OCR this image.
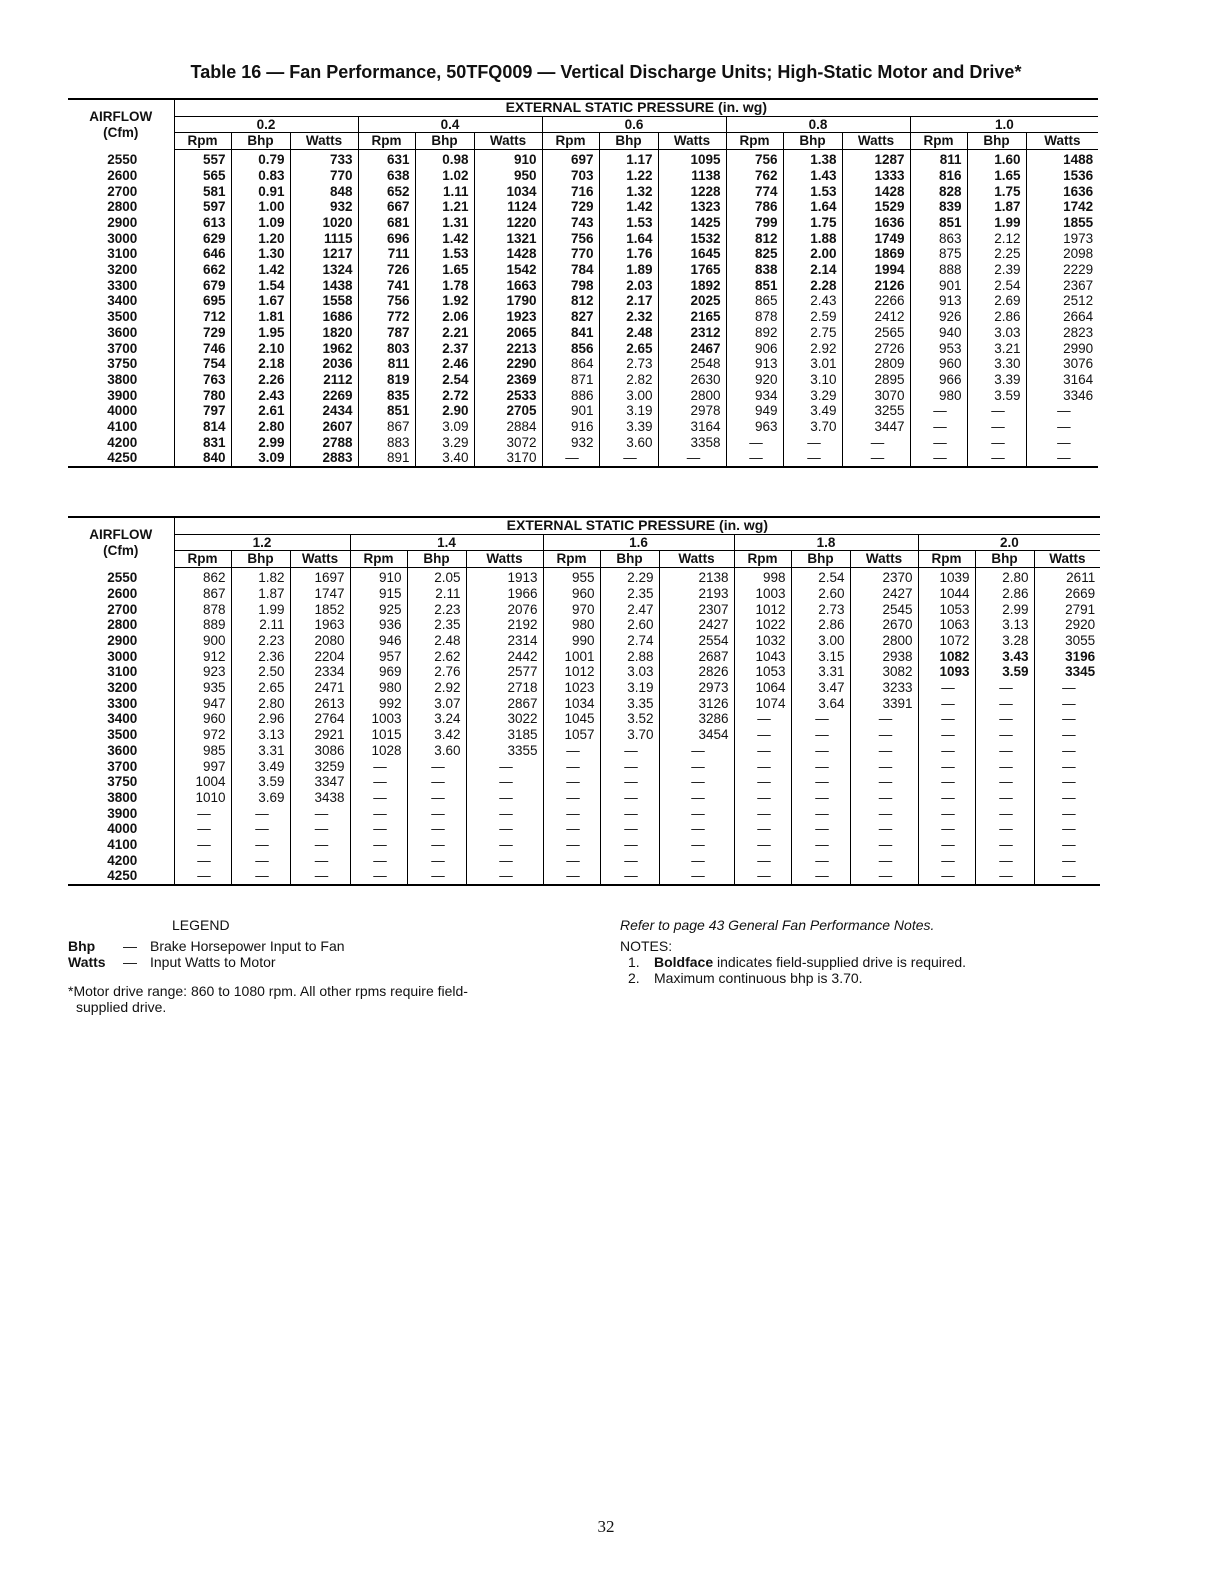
Table 16 — Fan Performance, 50TFQ009 — Vertical Discharge Units; High-Static Motor and Drive*
AIRFLOW
(Cfm)	EXTERNAL STATIC PRESSURE (in. wg)														
	0.2			0.4			0.6			0.8			1.0		
	Rpm	Bhp	Watts	Rpm	Bhp	Watts	Rpm	Bhp	Watts	Rpm	Bhp	Watts	Rpm	Bhp	Watts
2550	557	0.79	733	631	0.98	910	697	1.17	1095	756	1.38	1287	811	1.60	1488
2600	565	0.83	770	638	1.02	950	703	1.22	1138	762	1.43	1333	816	1.65	1536
2700	581	0.91	848	652	1.11	1034	716	1.32	1228	774	1.53	1428	828	1.75	1636
2800	597	1.00	932	667	1.21	1124	729	1.42	1323	786	1.64	1529	839	1.87	1742
2900	613	1.09	1020	681	1.31	1220	743	1.53	1425	799	1.75	1636	851	1.99	1855
3000	629	1.20	1115	696	1.42	1321	756	1.64	1532	812	1.88	1749	863	2.12	1973
3100	646	1.30	1217	711	1.53	1428	770	1.76	1645	825	2.00	1869	875	2.25	2098
3200	662	1.42	1324	726	1.65	1542	784	1.89	1765	838	2.14	1994	888	2.39	2229
3300	679	1.54	1438	741	1.78	1663	798	2.03	1892	851	2.28	2126	901	2.54	2367
3400	695	1.67	1558	756	1.92	1790	812	2.17	2025	865	2.43	2266	913	2.69	2512
3500	712	1.81	1686	772	2.06	1923	827	2.32	2165	878	2.59	2412	926	2.86	2664
3600	729	1.95	1820	787	2.21	2065	841	2.48	2312	892	2.75	2565	940	3.03	2823
3700	746	2.10	1962	803	2.37	2213	856	2.65	2467	906	2.92	2726	953	3.21	2990
3750	754	2.18	2036	811	2.46	2290	864	2.73	2548	913	3.01	2809	960	3.30	3076
3800	763	2.26	2112	819	2.54	2369	871	2.82	2630	920	3.10	2895	966	3.39	3164
3900	780	2.43	2269	835	2.72	2533	886	3.00	2800	934	3.29	3070	980	3.59	3346
4000	797	2.61	2434	851	2.90	2705	901	3.19	2978	949	3.49	3255	—	—	—
4100	814	2.80	2607	867	3.09	2884	916	3.39	3164	963	3.70	3447	—	—	—
4200	831	2.99	2788	883	3.29	3072	932	3.60	3358	—	—	—	—	—	—
4250	840	3.09	2883	891	3.40	3170	—	—	—	—	—	—	—	—	—
AIRFLOW
(Cfm)	EXTERNAL STATIC PRESSURE (in. wg)														
	1.2			1.4			1.6			1.8			2.0		
	Rpm	Bhp	Watts	Rpm	Bhp	Watts	Rpm	Bhp	Watts	Rpm	Bhp	Watts	Rpm	Bhp	Watts
2550	862	1.82	1697	910	2.05	1913	955	2.29	2138	998	2.54	2370	1039	2.80	2611
2600	867	1.87	1747	915	2.11	1966	960	2.35	2193	1003	2.60	2427	1044	2.86	2669
2700	878	1.99	1852	925	2.23	2076	970	2.47	2307	1012	2.73	2545	1053	2.99	2791
2800	889	2.11	1963	936	2.35	2192	980	2.60	2427	1022	2.86	2670	1063	3.13	2920
2900	900	2.23	2080	946	2.48	2314	990	2.74	2554	1032	3.00	2800	1072	3.28	3055
3000	912	2.36	2204	957	2.62	2442	1001	2.88	2687	1043	3.15	2938	1082	3.43	3196
3100	923	2.50	2334	969	2.76	2577	1012	3.03	2826	1053	3.31	3082	1093	3.59	3345
3200	935	2.65	2471	980	2.92	2718	1023	3.19	2973	1064	3.47	3233	—	—	—
3300	947	2.80	2613	992	3.07	2867	1034	3.35	3126	1074	3.64	3391	—	—	—
3400	960	2.96	2764	1003	3.24	3022	1045	3.52	3286	—	—	—	—	—	—
3500	972	3.13	2921	1015	3.42	3185	1057	3.70	3454	—	—	—	—	—	—
3600	985	3.31	3086	1028	3.60	3355	—	—	—	—	—	—	—	—	—
3700	997	3.49	3259	—	—	—	—	—	—	—	—	—	—	—	—
3750	1004	3.59	3347	—	—	—	—	—	—	—	—	—	—	—	—
3800	1010	3.69	3438	—	—	—	—	—	—	—	—	—	—	—	—
3900	—	—	—	—	—	—	—	—	—	—	—	—	—	—	—
4000	—	—	—	—	—	—	—	—	—	—	—	—	—	—	—
4100	—	—	—	—	—	—	—	—	—	—	—	—	—	—	—
4200	—	—	—	—	—	—	—	—	—	—	—	—	—	—	—
4250	—	—	—	—	—	—	—	—	—	—	—	—	—	—	—
LEGEND
Bhp	— Brake Horsepower Input to Fan
Watts	— Input Watts to Motor
*Motor drive range: 860 to 1080 rpm. All other rpms require field-
supplied drive.
Refer to page 43 General Fan Performance Notes.
NOTES:
1.	Boldface indicates field-supplied drive is required.
2.	Maximum continuous bhp is 3.70.
32
